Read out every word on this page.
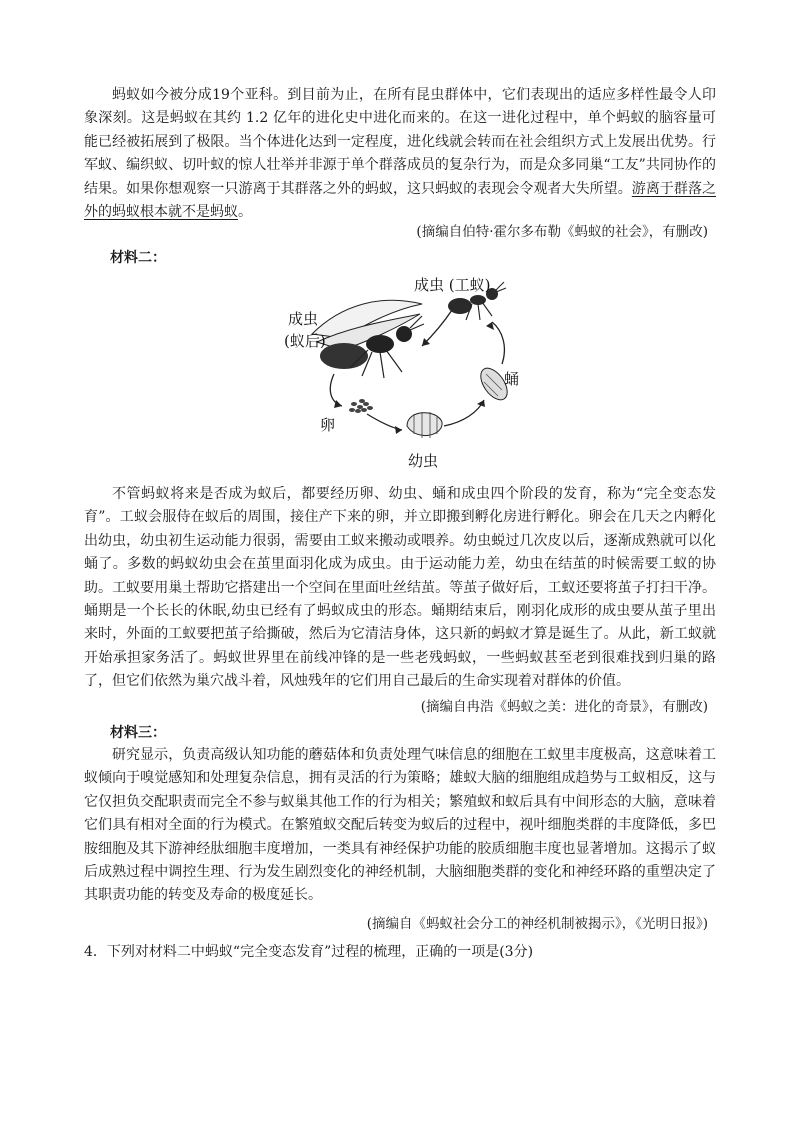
蚂蚁如今被分成19个亚科。到目前为止，在所有昆虫群体中，它们表现出的适应多样性最令人印象深刻。这是蚂蚁在其约 1.2 亿年的进化史中进化而来的。在这一进化过程中，单个蚂蚁的脑容量可能已经被拓展到了极限。当个体进化达到一定程度，进化线就会转而在社会组织方式上发展出优势。行军蚁、编织蚁、切叶蚁的惊人壮举并非源于单个群落成员的复杂行为，而是众多同巢“工友”共同协作的结果。如果你想观察一只游离于其群落之外的蚂蚁，这只蚂蚁的表现会令观者大失所望。游离于群落之外的蚂蚁根本就不是蚂蚁。

(摘编自伯特·霍尔多布勒《蚂蚁的社会》，有删改)

材料二：

成虫
(蚁后)
成虫 (工蚁)
蛹
卵
幼虫

不管蚂蚁将来是否成为蚁后，都要经历卵、幼虫、蛹和成虫四个阶段的发育，称为“完全变态发育”。工蚁会服侍在蚁后的周围，接住产下来的卵，并立即搬到孵化房进行孵化。卵会在几天之内孵化出幼虫，幼虫初生运动能力很弱，需要由工蚁来搬动或喂养。幼虫蜕过几次皮以后，逐渐成熟就可以化蛹了。多数的蚂蚁幼虫会在茧里面羽化成为成虫。由于运动能力差，幼虫在结茧的时候需要工蚁的协助。工蚁要用巢土帮助它搭建出一个空间在里面吐丝结茧。等茧子做好后，工蚁还要将茧子打扫干净。蛹期是一个长长的休眠,幼虫已经有了蚂蚁成虫的形态。蛹期结束后，刚羽化成形的成虫要从茧子里出来时，外面的工蚁要把茧子给撕破，然后为它清洁身体，这只新的蚂蚁才算是诞生了。从此，新工蚁就开始承担家务活了。蚂蚁世界里在前线冲锋的是一些老残蚂蚁，一些蚂蚁甚至老到很难找到归巢的路了，但它们依然为巢穴战斗着，风烛残年的它们用自己最后的生命实现着对群体的价值。

(摘编自冉浩《蚂蚁之美：进化的奇景》，有删改)

材料三：

研究显示，负责高级认知功能的蘑菇体和负责处理气味信息的细胞在工蚁里丰度极高，这意味着工蚁倾向于嗅觉感知和处理复杂信息，拥有灵活的行为策略；雄蚁大脑的细胞组成趋势与工蚁相反，这与它仅担负交配职责而完全不参与蚁巢其他工作的行为相关；繁殖蚁和蚁后具有中间形态的大脑，意味着它们具有相对全面的行为模式。在繁殖蚁交配后转变为蚁后的过程中，视叶细胞类群的丰度降低，多巴胺细胞及其下游神经肽细胞丰度增加，一类具有神经保护功能的胶质细胞丰度也显著增加。这揭示了蚁后成熟过程中调控生理、行为发生剧烈变化的神经机制，大脑细胞类群的变化和神经环路的重塑决定了其职责功能的转变及寿命的极度延长。

(摘编自《蚂蚁社会分工的神经机制被揭示》，《光明日报》)

4．下列对材料二中蚂蚁“完全变态发育”过程的梳理，正确的一项是(3分)
